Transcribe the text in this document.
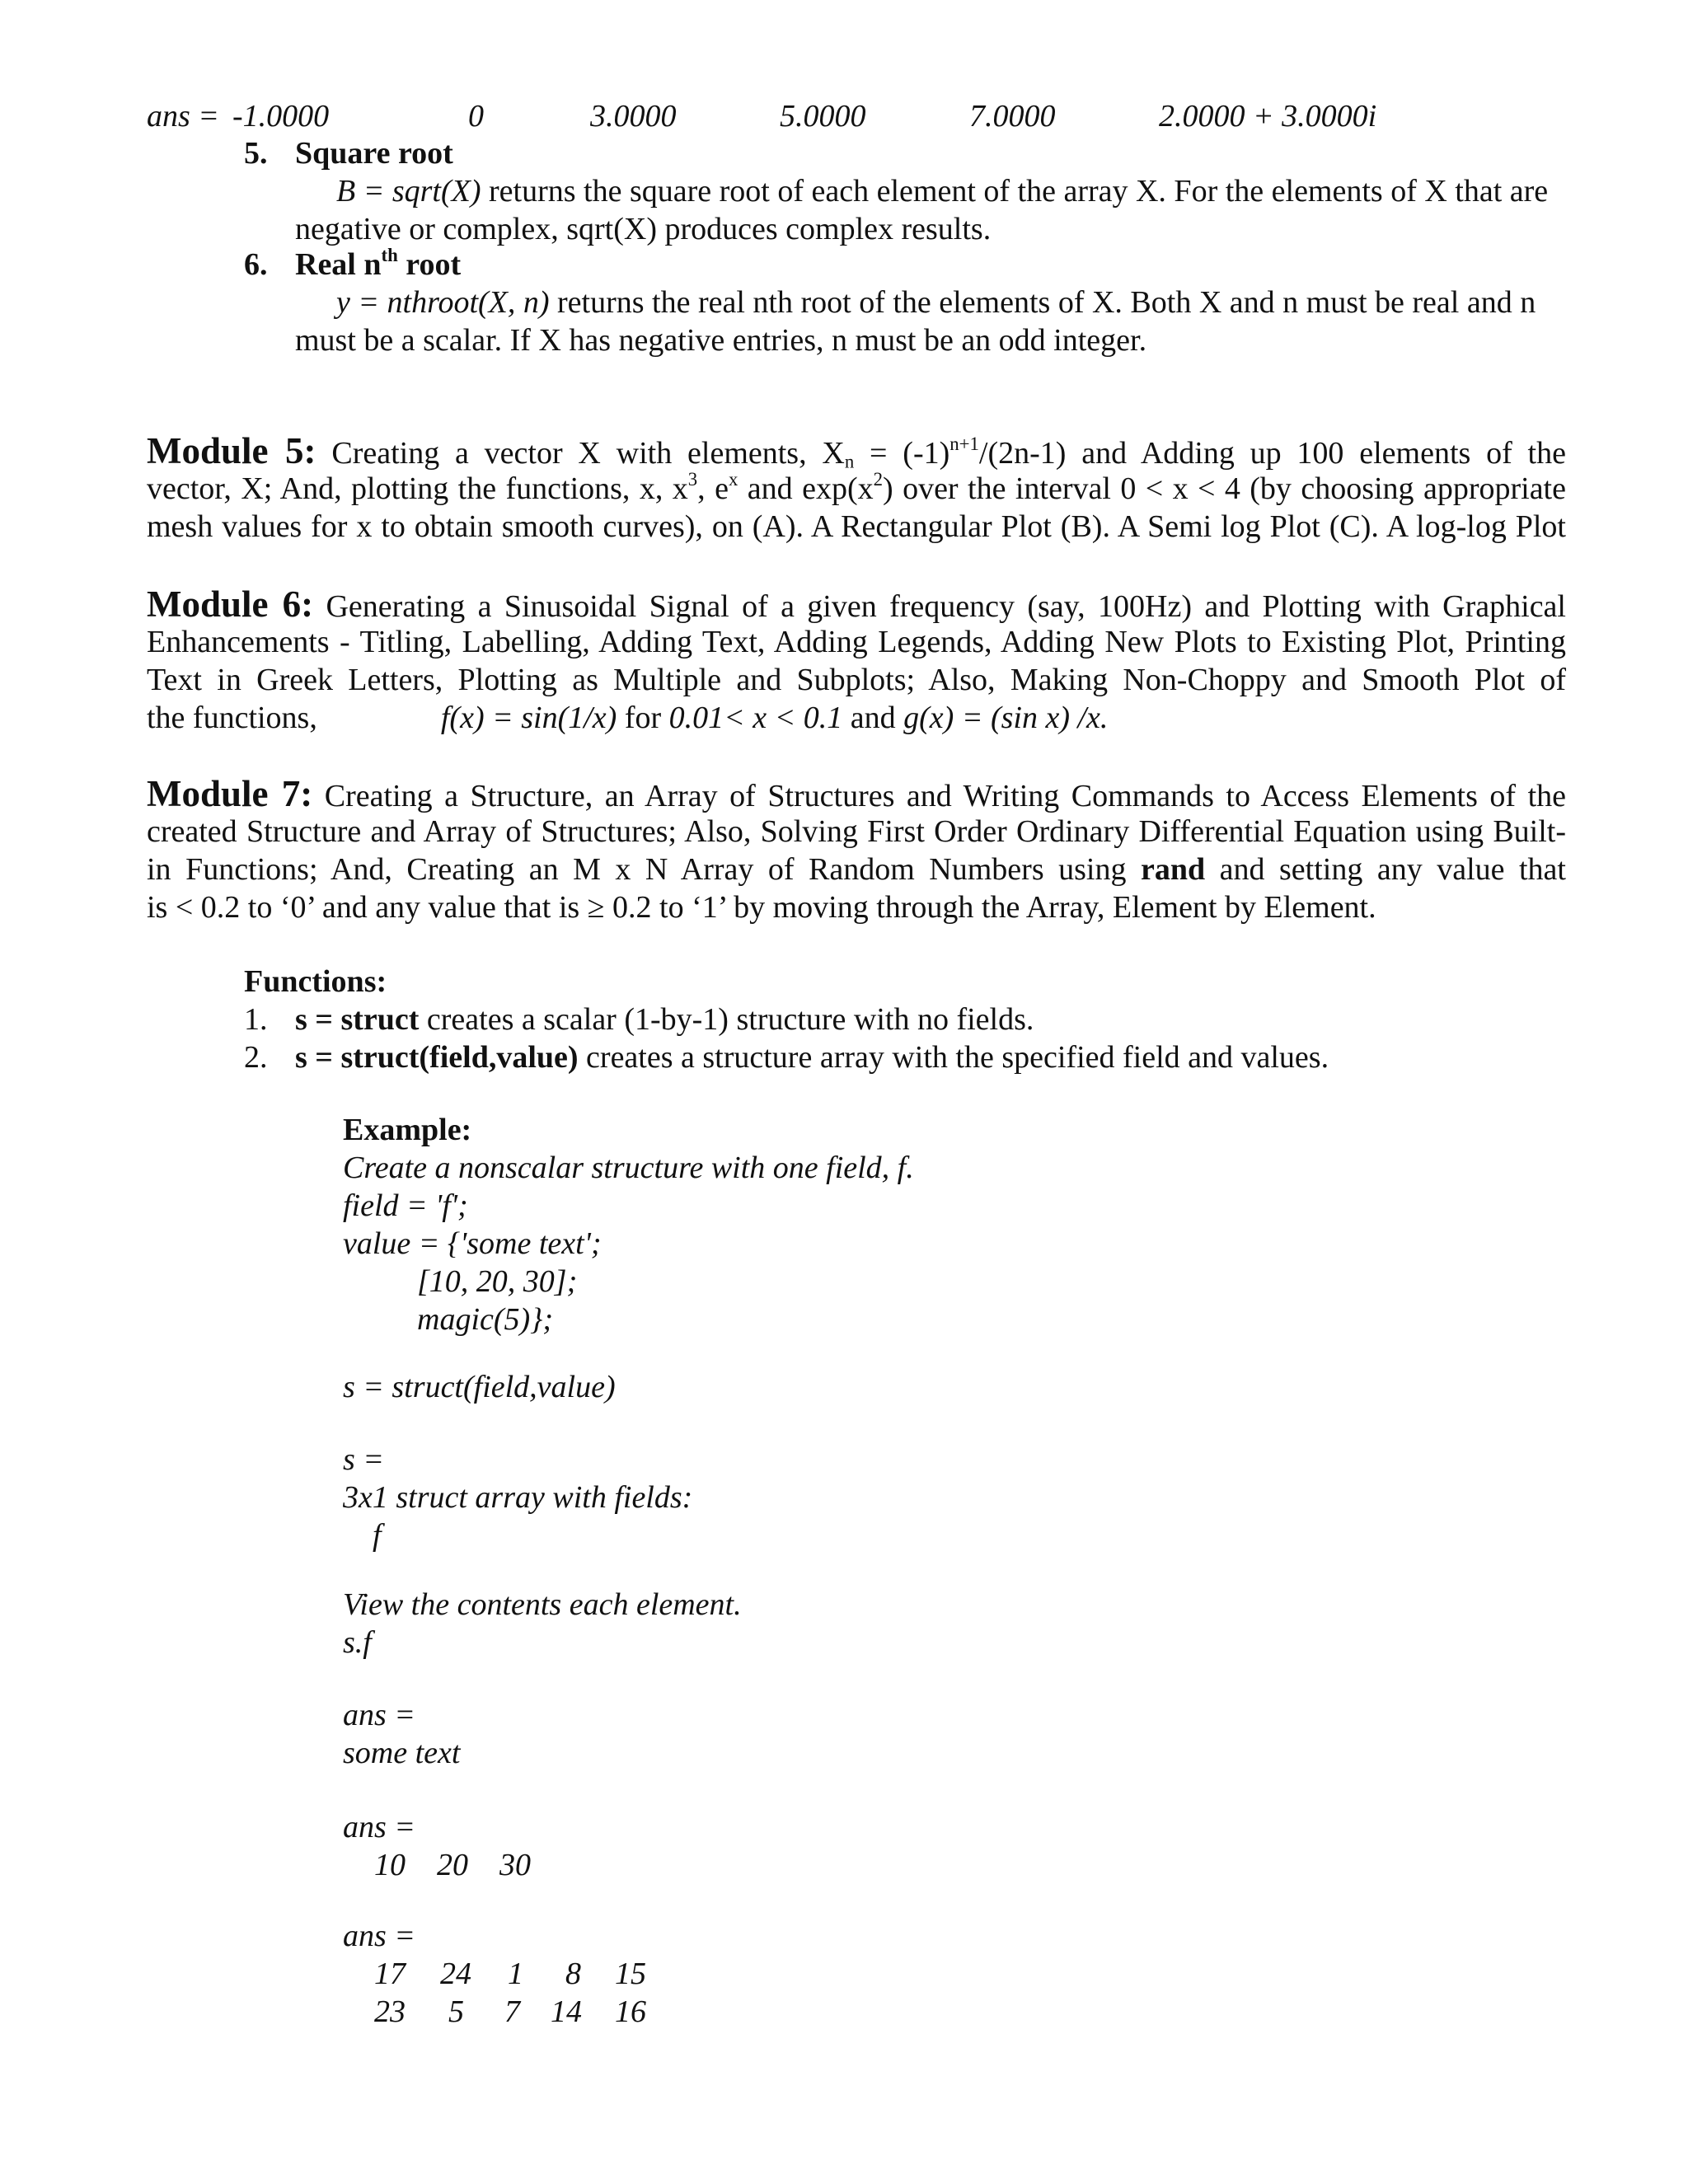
ans = -1.0000	0	3.0000	5.0000	7.0000	2.0000 + 3.0000i
5. Square root
B = sqrt(X) returns the square root of each element of the array X. For the elements of X that are
negative or complex, sqrt(X) produces complex results.
6. Real $n^{th}$ root
y = nthroot(X, n) returns the real nth root of the elements of X. Both X and n must be real and n
must be a scalar. If X has negative entries, n must be an odd integer.
Module 5: Creating a vector X with elements, $X_n = (-1)^{n+1}/(2n-1)$ and Adding up 100 elements of the
vector, X; And, plotting the functions, x, $x^3$, $e^x$ and $\exp(x^2)$ over the interval 0 < x < 4 (by choosing appropriate
mesh values for x to obtain smooth curves), on (A). A Rectangular Plot (B). A Semi log Plot (C). A log-log Plot
Module 6: Generating a Sinusoidal Signal of a given frequency (say, 100Hz) and Plotting with Graphical
Enhancements - Titling, Labelling, Adding Text, Adding Legends, Adding New Plots to Existing Plot, Printing
Text in Greek Letters, Plotting as Multiple and Subplots; Also, Making Non-Choppy and Smooth Plot of
the functions,	f(x) = sin(1/x) for 0.01< x < 0.1 and g(x) = (sin x) /x.
Module 7: Creating a Structure, an Array of Structures and Writing Commands to Access Elements of the
created Structure and Array of Structures; Also, Solving First Order Ordinary Differential Equation using Built-
in Functions; And, Creating an M x N Array of Random Numbers using rand and setting any value that
is < 0.2 to ‘0’ and any value that is ≥ 0.2 to ‘1’ by moving through the Array, Element by Element.
Functions:
1. s = struct creates a scalar (1-by-1) structure with no fields.
2. s = struct(field,value) creates a structure array with the specified field and values.
Example:
Create a nonscalar structure with one field, f.
field = 'f';
value = {'some text';
[10, 20, 30];
magic(5)};
s = struct(field,value)
s =
3x1 struct array with fields:
f
View the contents each element.
s.f
ans =
some text
ans =
10    20    30
ans =
17 24 1 8 15
23 5 7 14 16
